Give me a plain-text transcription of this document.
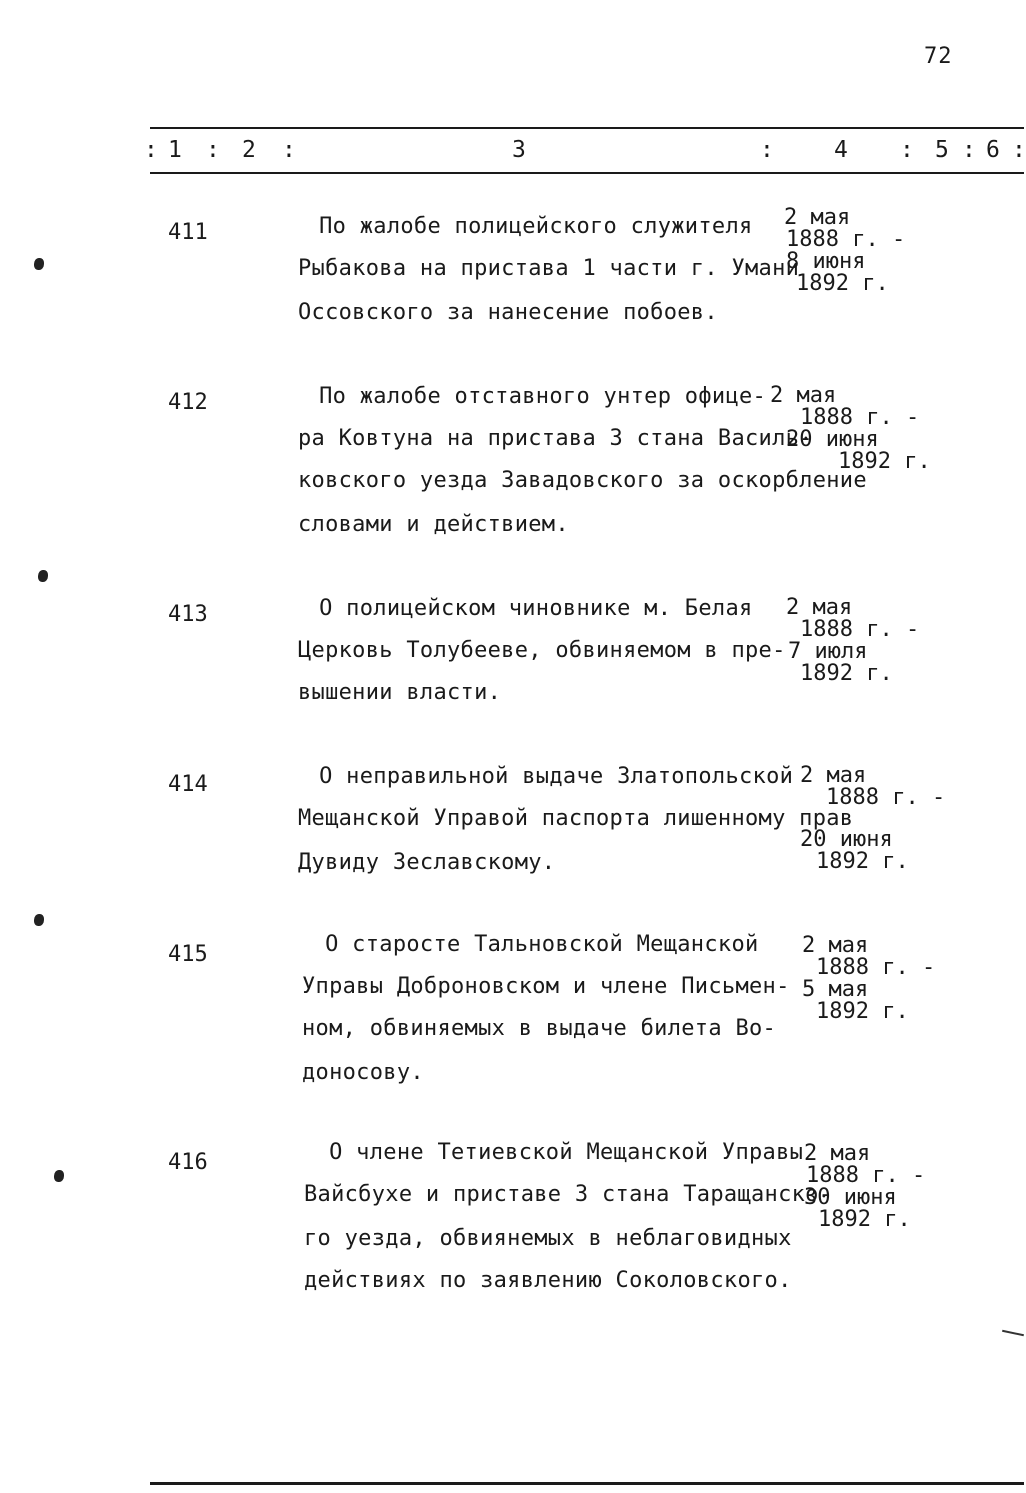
72
: 1 : 2 :	3	:	4 : 5 : 6 :
411	По жалобе полицейского служителя
Рыбакова на пристава 1 части г. Умани
Оссовского за нанесение побоев.
2 мая
1888 г. -
8 июня
1892 г.
412	По жалобе отставного унтер офице-
ра Ковтуна на пристава 3 стана Василь-
ковского уезда Завадовского за оскорбление
словами и действием.
2 мая
1888 г. -
20 июня
1892 г.
413	О полицейском чиновнике м. Белая
Церковь Толубееве, обвиняемом в пре-
вышении власти.
2 мая
1888 г. -
7 июля
1892 г.
414	О неправильной выдаче Златопольской
Мещанской Управой паспорта лишенному прав
Дувиду Зеславскому.
2 мая
1888 г. -
20 июня
1892 г.
415	О старосте Тальновской Мещанской
Управы Доброновском и члене Письмен-
ном, обвиняемых в выдаче билета Во-
доносову.
2 мая
1888 г. -
5 мая
1892 г.
416	О члене Тетиевской Мещанской Управы
Вайсбухе и приставе 3 стана Таращанско-
го уезда, обвиянемых в неблаговидных
действиях по заявлению Соколовского.
2 мая
1888 г. -
30 июня
1892 г.
